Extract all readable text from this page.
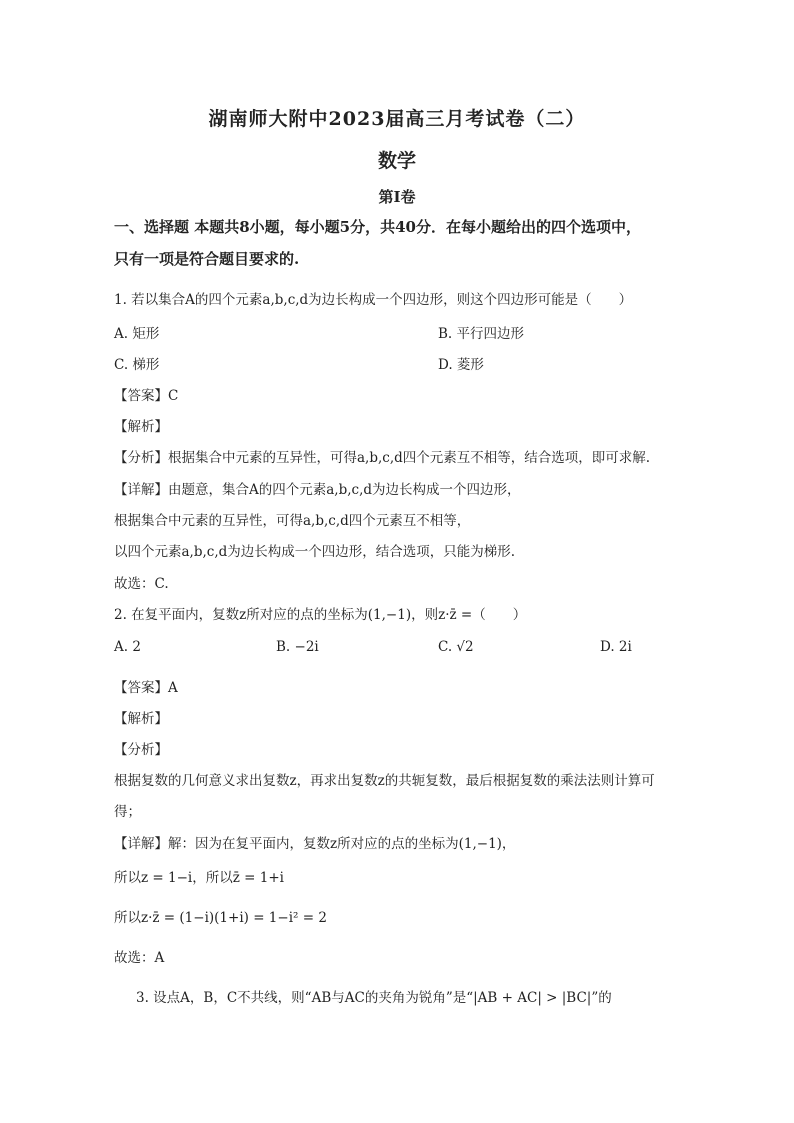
湖南师大附中2023届高三月考试卷（二）
数学
第I卷
一、选择题 本题共8小题，每小题5分，共40分．在每小题给出的四个选项中，
只有一项是符合题目要求的.
1. 若以集合A的四个元素a,b,c,d为边长构成一个四边形，则这个四边形可能是（　　）
A. 矩形	B. 平行四边形
C. 梯形	D. 菱形
【答案】C
【解析】
【分析】根据集合中元素的互异性，可得a,b,c,d四个元素互不相等，结合选项，即可求解.
【详解】由题意，集合A的四个元素a,b,c,d为边长构成一个四边形，
根据集合中元素的互异性，可得a,b,c,d四个元素互不相等，
以四个元素a,b,c,d为边长构成一个四边形，结合选项，只能为梯形.
故选：C.
2. 在复平面内，复数z所对应的点的坐标为(1,−1)，则z·z̄ =（　　）
A. 2	B. −2i	C. √2	D. 2i
【答案】A
【解析】
【分析】
根据复数的几何意义求出复数z，再求出复数z的共轭复数，最后根据复数的乘法法则计算可
得；
【详解】解：因为在复平面内，复数z所对应的点的坐标为(1,−1)，
所以z = 1−i，所以z̄ = 1+i
所以z·z̄ = (1−i)(1+i) = 1−i² = 2
故选：A
3. 设点A，B，C不共线，则“AB与AC的夹角为锐角”是“|AB + AC| > |BC|”的
